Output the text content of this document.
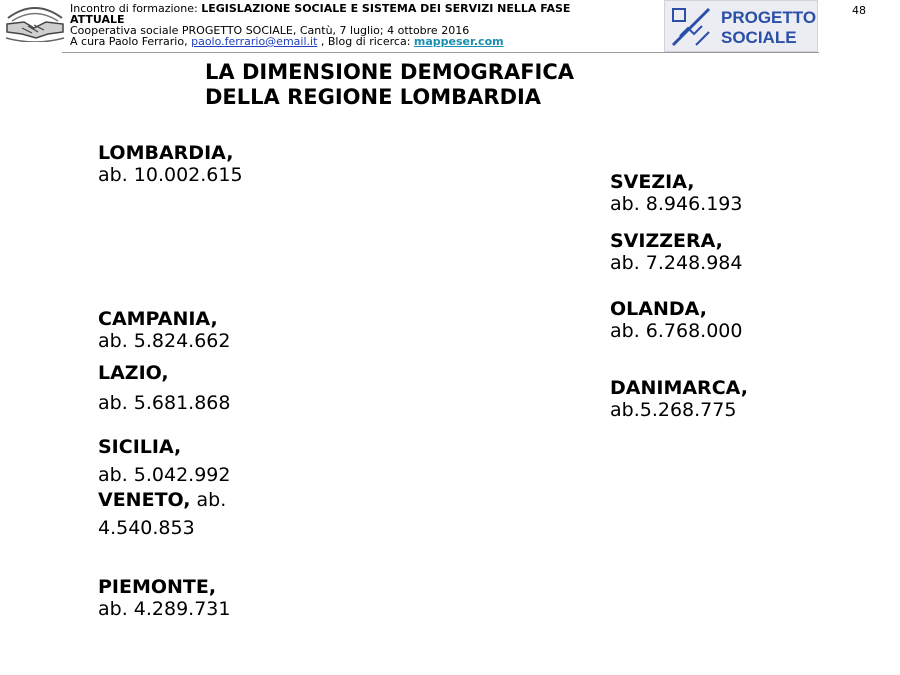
Incontro di formazione: LEGISLAZIONE SOCIALE E SISTEMA DEI SERVIZI NELLA FASE
ATTUALE
Cooperativa sociale PROGETTO SOCIALE, Cantù, 7 luglio; 4 ottobre 2016
A cura Paolo Ferrario, paolo.ferrario@email.it , Blog di ricerca: mappeser.com
PROGETTO
SOCIALE
48
LA DIMENSIONE DEMOGRAFICA
DELLA REGIONE LOMBARDIA
LOMBARDIA,
ab. 10.002.615
CAMPANIA,
ab. 5.824.662
LAZIO,
ab. 5.681.868
SICILIA,
ab. 5.042.992
VENETO, ab.
4.540.853
PIEMONTE,
ab. 4.289.731
SVEZIA,
ab. 8.946.193
SVIZZERA,
ab. 7.248.984
OLANDA,
ab. 6.768.000
DANIMARCA,
ab.5.268.775
